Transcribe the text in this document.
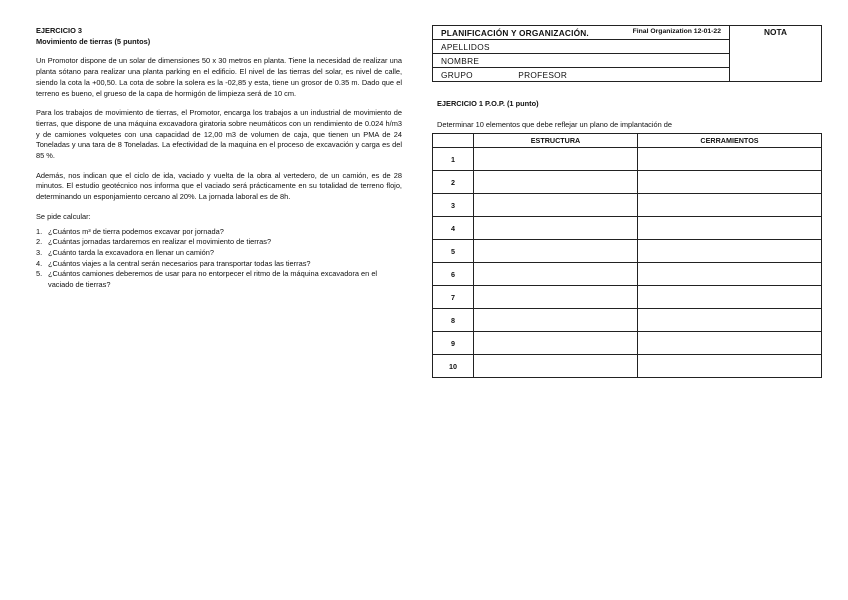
EJERCICIO 3

Movimiento de tierras (5 puntos)

Un Promotor dispone de un solar de dimensiones 50 x 30 metros en planta. Tiene la necesidad de realizar una planta sótano para realizar una planta parking en el edificio. El nivel de las tierras del solar, es nivel de calle, siendo la cota la +00,50. La cota de sobre la solera es la -02,85 y esta, tiene un grosor de 0.35 m. Dado que el terreno es bueno, el grueso de la capa de hormigón de limpieza será de 10 cm.

Para los trabajos de movimiento de tierras, el Promotor, encarga los trabajos a un industrial de movimiento de tierras, que dispone de una máquina excavadora giratoria sobre neumáticos con un rendimiento de 0.024 h/m3 y de camiones volquetes con una capacidad de 12,00 m3 de volumen de caja, que tienen un PMA de 24 Toneladas y una tara de 8 Toneladas. La efectividad de la maquina en el proceso de excavación y carga es del 85 %.

Además, nos indican que el ciclo de ida, vaciado y vuelta de la obra al vertedero, de un camión, es de 28 minutos. El estudio geotécnico nos informa que el vaciado será prácticamente en su totalidad de terreno flojo, determinando un esponjamiento cercano al 20%. La jornada laboral es de 8h.

Se pide calcular:

1. ¿Cuántos m³ de tierra podemos excavar por jornada?
2. ¿Cuántas jornadas tardaremos en realizar el movimiento de tierras?
3. ¿Cuánto tarda la excavadora en llenar un camión?
4. ¿Cuántos viajes a la central serán necesarios para transportar todas las tierras?
5. ¿Cuántos camiones deberemos de usar para no entorpecer el ritmo de la máquina excavadora en el vaciado de tierras?
PLANIFICACIÓN Y ORGANIZACIÓN.	Final Organization 12-01-22	NOTA
APELLIDOS
NOMBRE
GRUPO	PROFESOR
EJERCICIO 1 P.O.P. (1 punto)
Determinar 10 elementos que debe reflejar un plano de implantación de
	ESTRUCTURA	CERRAMIENTOS
1		
2		
3		
4		
5		
6		
7		
8		
9		
10		
